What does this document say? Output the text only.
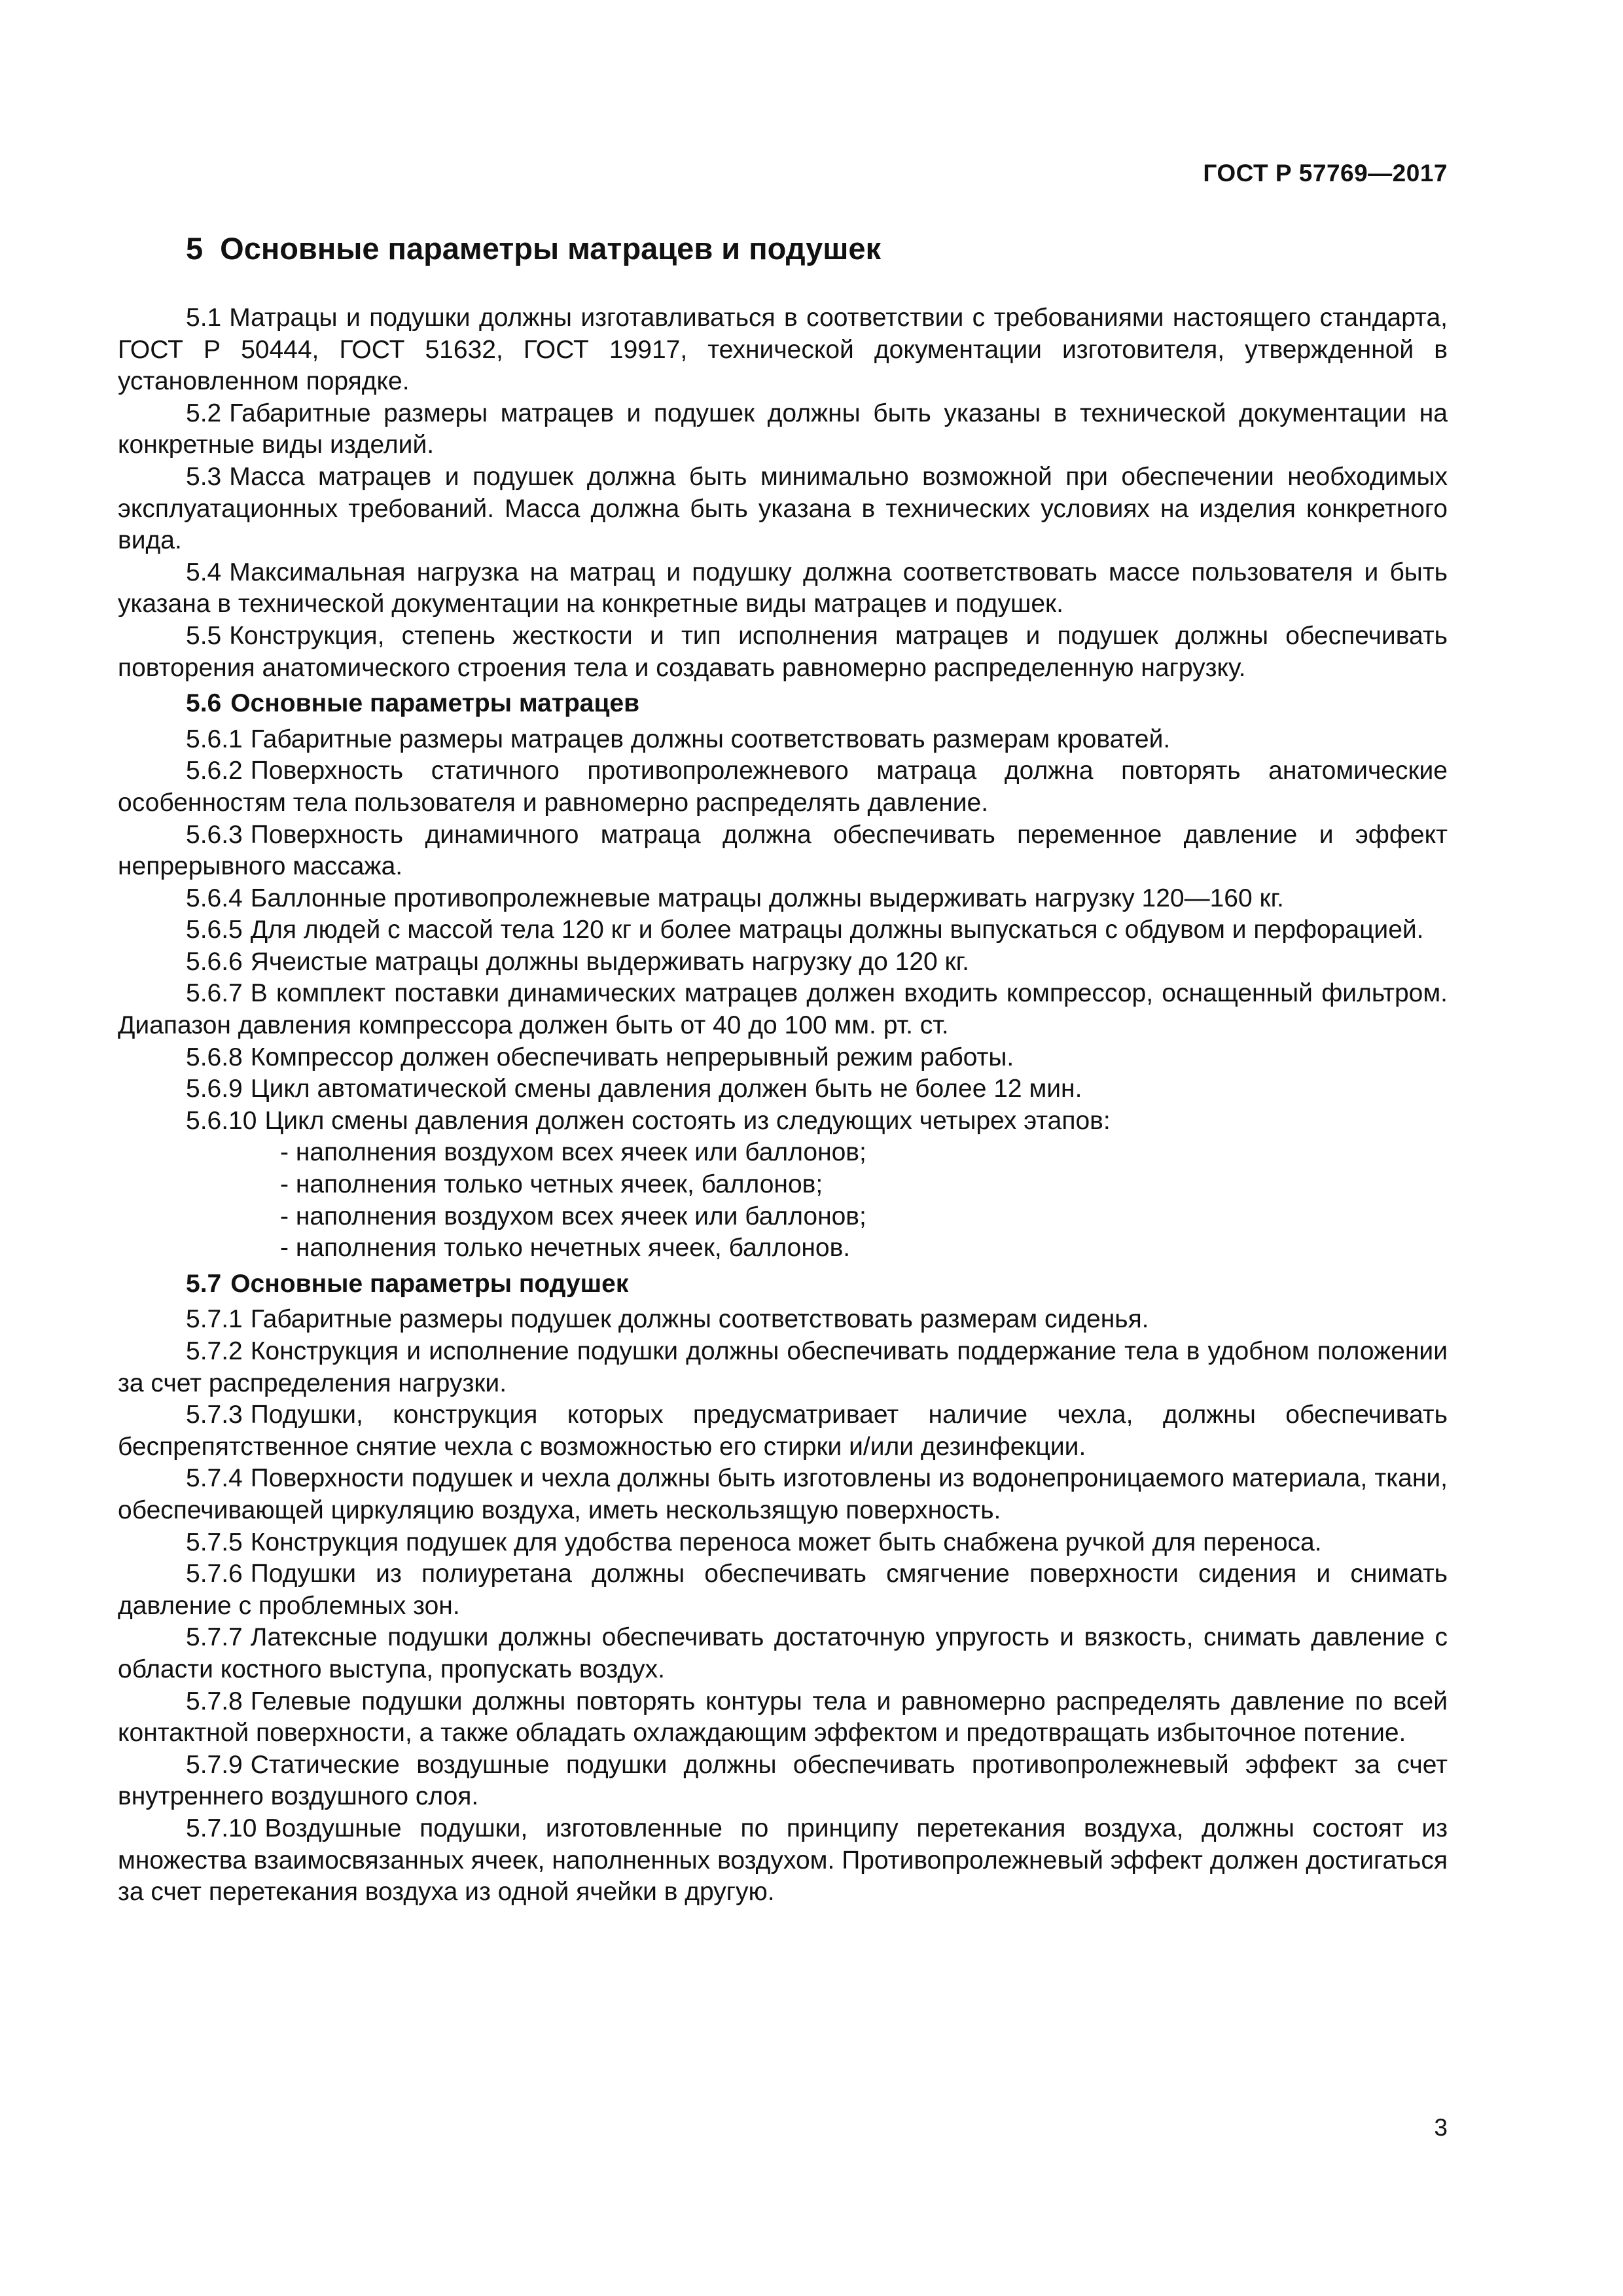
ГОСТ Р 57769—2017
5 Основные параметры матрацев и подушек

5.1 Матрацы и подушки должны изготавливаться в соответствии с требованиями настоящего стандарта, ГОСТ Р 50444, ГОСТ 51632, ГОСТ 19917, технической документации изготовителя, утвержденной в установленном порядке.

5.2 Габаритные размеры матрацев и подушек должны быть указаны в технической документации на конкретные виды изделий.

5.3 Масса матрацев и подушек должна быть минимально возможной при обеспечении необходимых эксплуатационных требований. Масса должна быть указана в технических условиях на изделия конкретного вида.

5.4 Максимальная нагрузка на матрац и подушку должна соответствовать массе пользователя и быть указана в технической документации на конкретные виды матрацев и подушек.

5.5 Конструкция, степень жесткости и тип исполнения матрацев и подушек должны обеспечивать повторения анатомического строения тела и создавать равномерно распределенную нагрузку.

5.6 Основные параметры матрацев

5.6.1 Габаритные размеры матрацев должны соответствовать размерам кроватей.

5.6.2 Поверхность статичного противопролежневого матраца должна повторять анатомические особенностям тела пользователя и равномерно распределять давление.

5.6.3 Поверхность динамичного матраца должна обеспечивать переменное давление и эффект непрерывного массажа.

5.6.4 Баллонные противопролежневые матрацы должны выдерживать нагрузку 120—160 кг.

5.6.5 Для людей с массой тела 120 кг и более матрацы должны выпускаться с обдувом и перфорацией.

5.6.6 Ячеистые матрацы должны выдерживать нагрузку до 120 кг.

5.6.7 В комплект поставки динамических матрацев должен входить компрессор, оснащенный фильтром. Диапазон давления компрессора должен быть от 40 до 100 мм. рт. ст.

5.6.8 Компрессор должен обеспечивать непрерывный режим работы.

5.6.9 Цикл автоматической смены давления должен быть не более 12 мин.

5.6.10 Цикл смены давления должен состоять из следующих четырех этапов:

- наполнения воздухом всех ячеек или баллонов;

- наполнения только четных ячеек, баллонов;

- наполнения воздухом всех ячеек или баллонов;

- наполнения только нечетных ячеек, баллонов.

5.7 Основные параметры подушек

5.7.1 Габаритные размеры подушек должны соответствовать размерам сиденья.

5.7.2 Конструкция и исполнение подушки должны обеспечивать поддержание тела в удобном положении за счет распределения нагрузки.

5.7.3 Подушки, конструкция которых предусматривает наличие чехла, должны обеспечивать беспрепятственное снятие чехла с возможностью его стирки и/или дезинфекции.

5.7.4 Поверхности подушек и чехла должны быть изготовлены из водонепроницаемого материала, ткани, обеспечивающей циркуляцию воздуха, иметь нескользящую поверхность.

5.7.5 Конструкция подушек для удобства переноса может быть снабжена ручкой для переноса.

5.7.6 Подушки из полиуретана должны обеспечивать смягчение поверхности сидения и снимать давление с проблемных зон.

5.7.7 Латексные подушки должны обеспечивать достаточную упругость и вязкость, снимать давление с области костного выступа, пропускать воздух.

5.7.8 Гелевые подушки должны повторять контуры тела и равномерно распределять давление по всей контактной поверхности, а также обладать охлаждающим эффектом и предотвращать избыточное потение.

5.7.9 Статические воздушные подушки должны обеспечивать противопролежневый эффект за счет внутреннего воздушного слоя.

5.7.10 Воздушные подушки, изготовленные по принципу перетекания воздуха, должны состоят из множества взаимосвязанных ячеек, наполненных воздухом. Противопролежневый эффект должен достигаться за счет перетекания воздуха из одной ячейки в другую.

3
